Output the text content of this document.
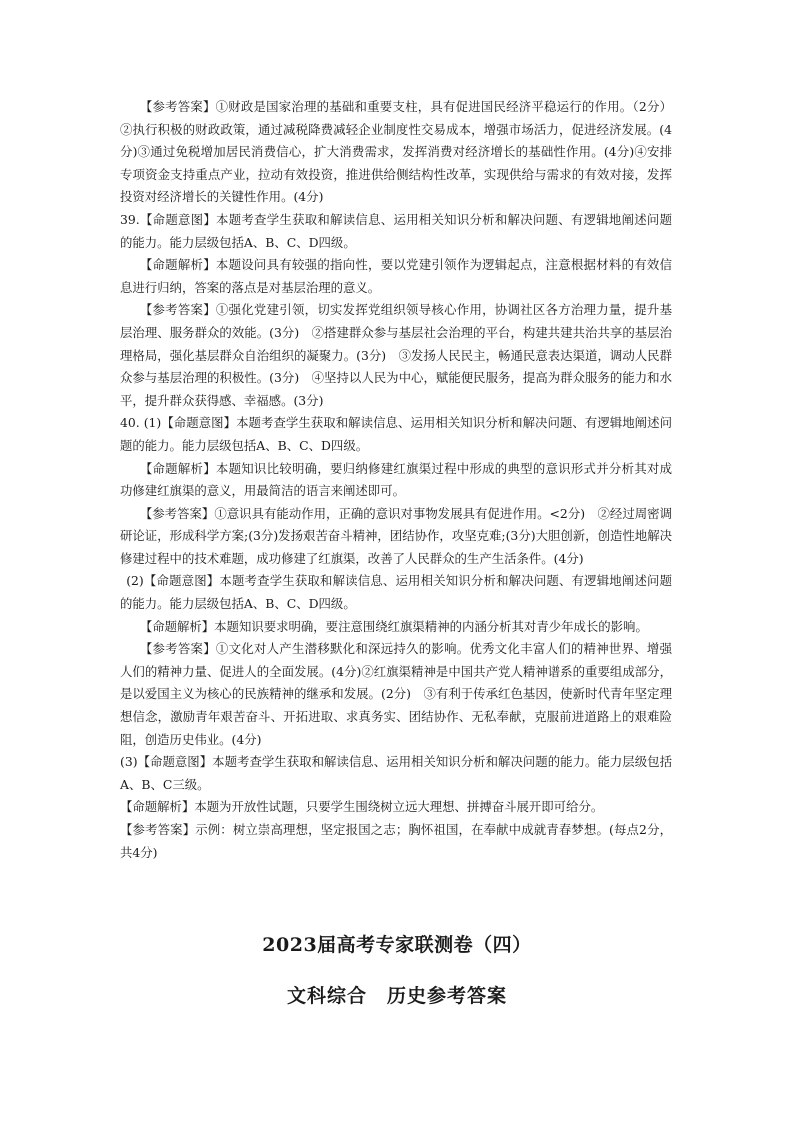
【参考答案】①财政是国家治理的基础和重要支柱，具有促进国民经济平稳运行的作用。（2分）②执行积极的财政政策，通过减税降费减轻企业制度性交易成本，增强市场活力，促进经济发展。(4分)③通过免税增加居民消费信心，扩大消费需求，发挥消费对经济增长的基础性作用。(4分)④安排专项资金支持重点产业，拉动有效投资，推进供给侧结构性改革，实现供给与需求的有效对接，发挥投资对经济增长的关键性作用。(4分)

39.【命题意图】本题考查学生获取和解读信息、运用相关知识分析和解决问题、有逻辑地阐述问题的能力。能力层级包括A、B、C、D四级。

【命题解析】本题设问具有较强的指向性，要以党建引领作为逻辑起点，注意根据材料的有效信息进行归纳，答案的落点是对基层治理的意义。

【参考答案】①强化党建引领，切实发挥党组织领导核心作用，协调社区各方治理力量，提升基层治理、服务群众的效能。(3分)　②搭建群众参与基层社会治理的平台，构建共建共治共享的基层治理格局，强化基层群众自治组织的凝聚力。(3分)　③发扬人民民主，畅通民意表达渠道，调动人民群众参与基层治理的积极性。(3分)　④坚持以人民为中心，赋能便民服务，提高为群众服务的能力和水平，提升群众获得感、幸福感。(3分)

40. (1)【命题意图】本题考查学生获取和解读信息、运用相关知识分析和解决问题、有逻辑地阐述问题的能力。能力层级包括A、B、C、D四级。

【命题解析】本题知识比较明确，要归纳修建红旗渠过程中形成的典型的意识形式并分析其对成功修建红旗渠的意义，用最简洁的语言来阐述即可。

【参考答案】①意识具有能动作用，正确的意识对事物发展具有促进作用。<2分)　②经过周密调研论证，形成科学方案;(3分)发扬艰苦奋斗精神，团结协作，攻坚克难;(3分)大胆创新，创造性地解决修建过程中的技术难题，成功修建了红旗渠，改善了人民群众的生产生活条件。(4分)

(2)【命题意图】本题考查学生获取和解读信息、运用相关知识分析和解决问题、有逻辑地阐述问题的能力。能力层级包括A、B、C、D四级。

【命题解析】本题知识要求明确，要注意围绕红旗渠精神的内涵分析其对青少年成长的影响。

【参考答案】①文化对人产生潜移默化和深远持久的影响。优秀文化丰富人们的精神世界、增强人们的精神力量、促进人的全面发展。(4分)②红旗渠精神是中国共产党人精神谱系的重要组成部分，是以爱国主义为核心的民族精神的继承和发展。(2分)　③有利于传承红色基因，使新时代青年坚定理想信念，激励青年艰苦奋斗、开拓进取、求真务实、团结协作、无私奉献，克服前进道路上的艰难险阻，创造历史伟业。(4分)

(3)【命题意图】本题考查学生获取和解读信息、运用相关知识分析和解决问题的能力。能力层级包括A、B、C三级。

【命题解析】本题为开放性试题，只要学生围绕树立远大理想、拼搏奋斗展开即可给分。

【参考答案】示例：树立崇高理想，坚定报国之志；胸怀祖国，在奉献中成就青春梦想。(每点2分，共4分)

2023届高考专家联测卷（四）

文科综合　历史参考答案
